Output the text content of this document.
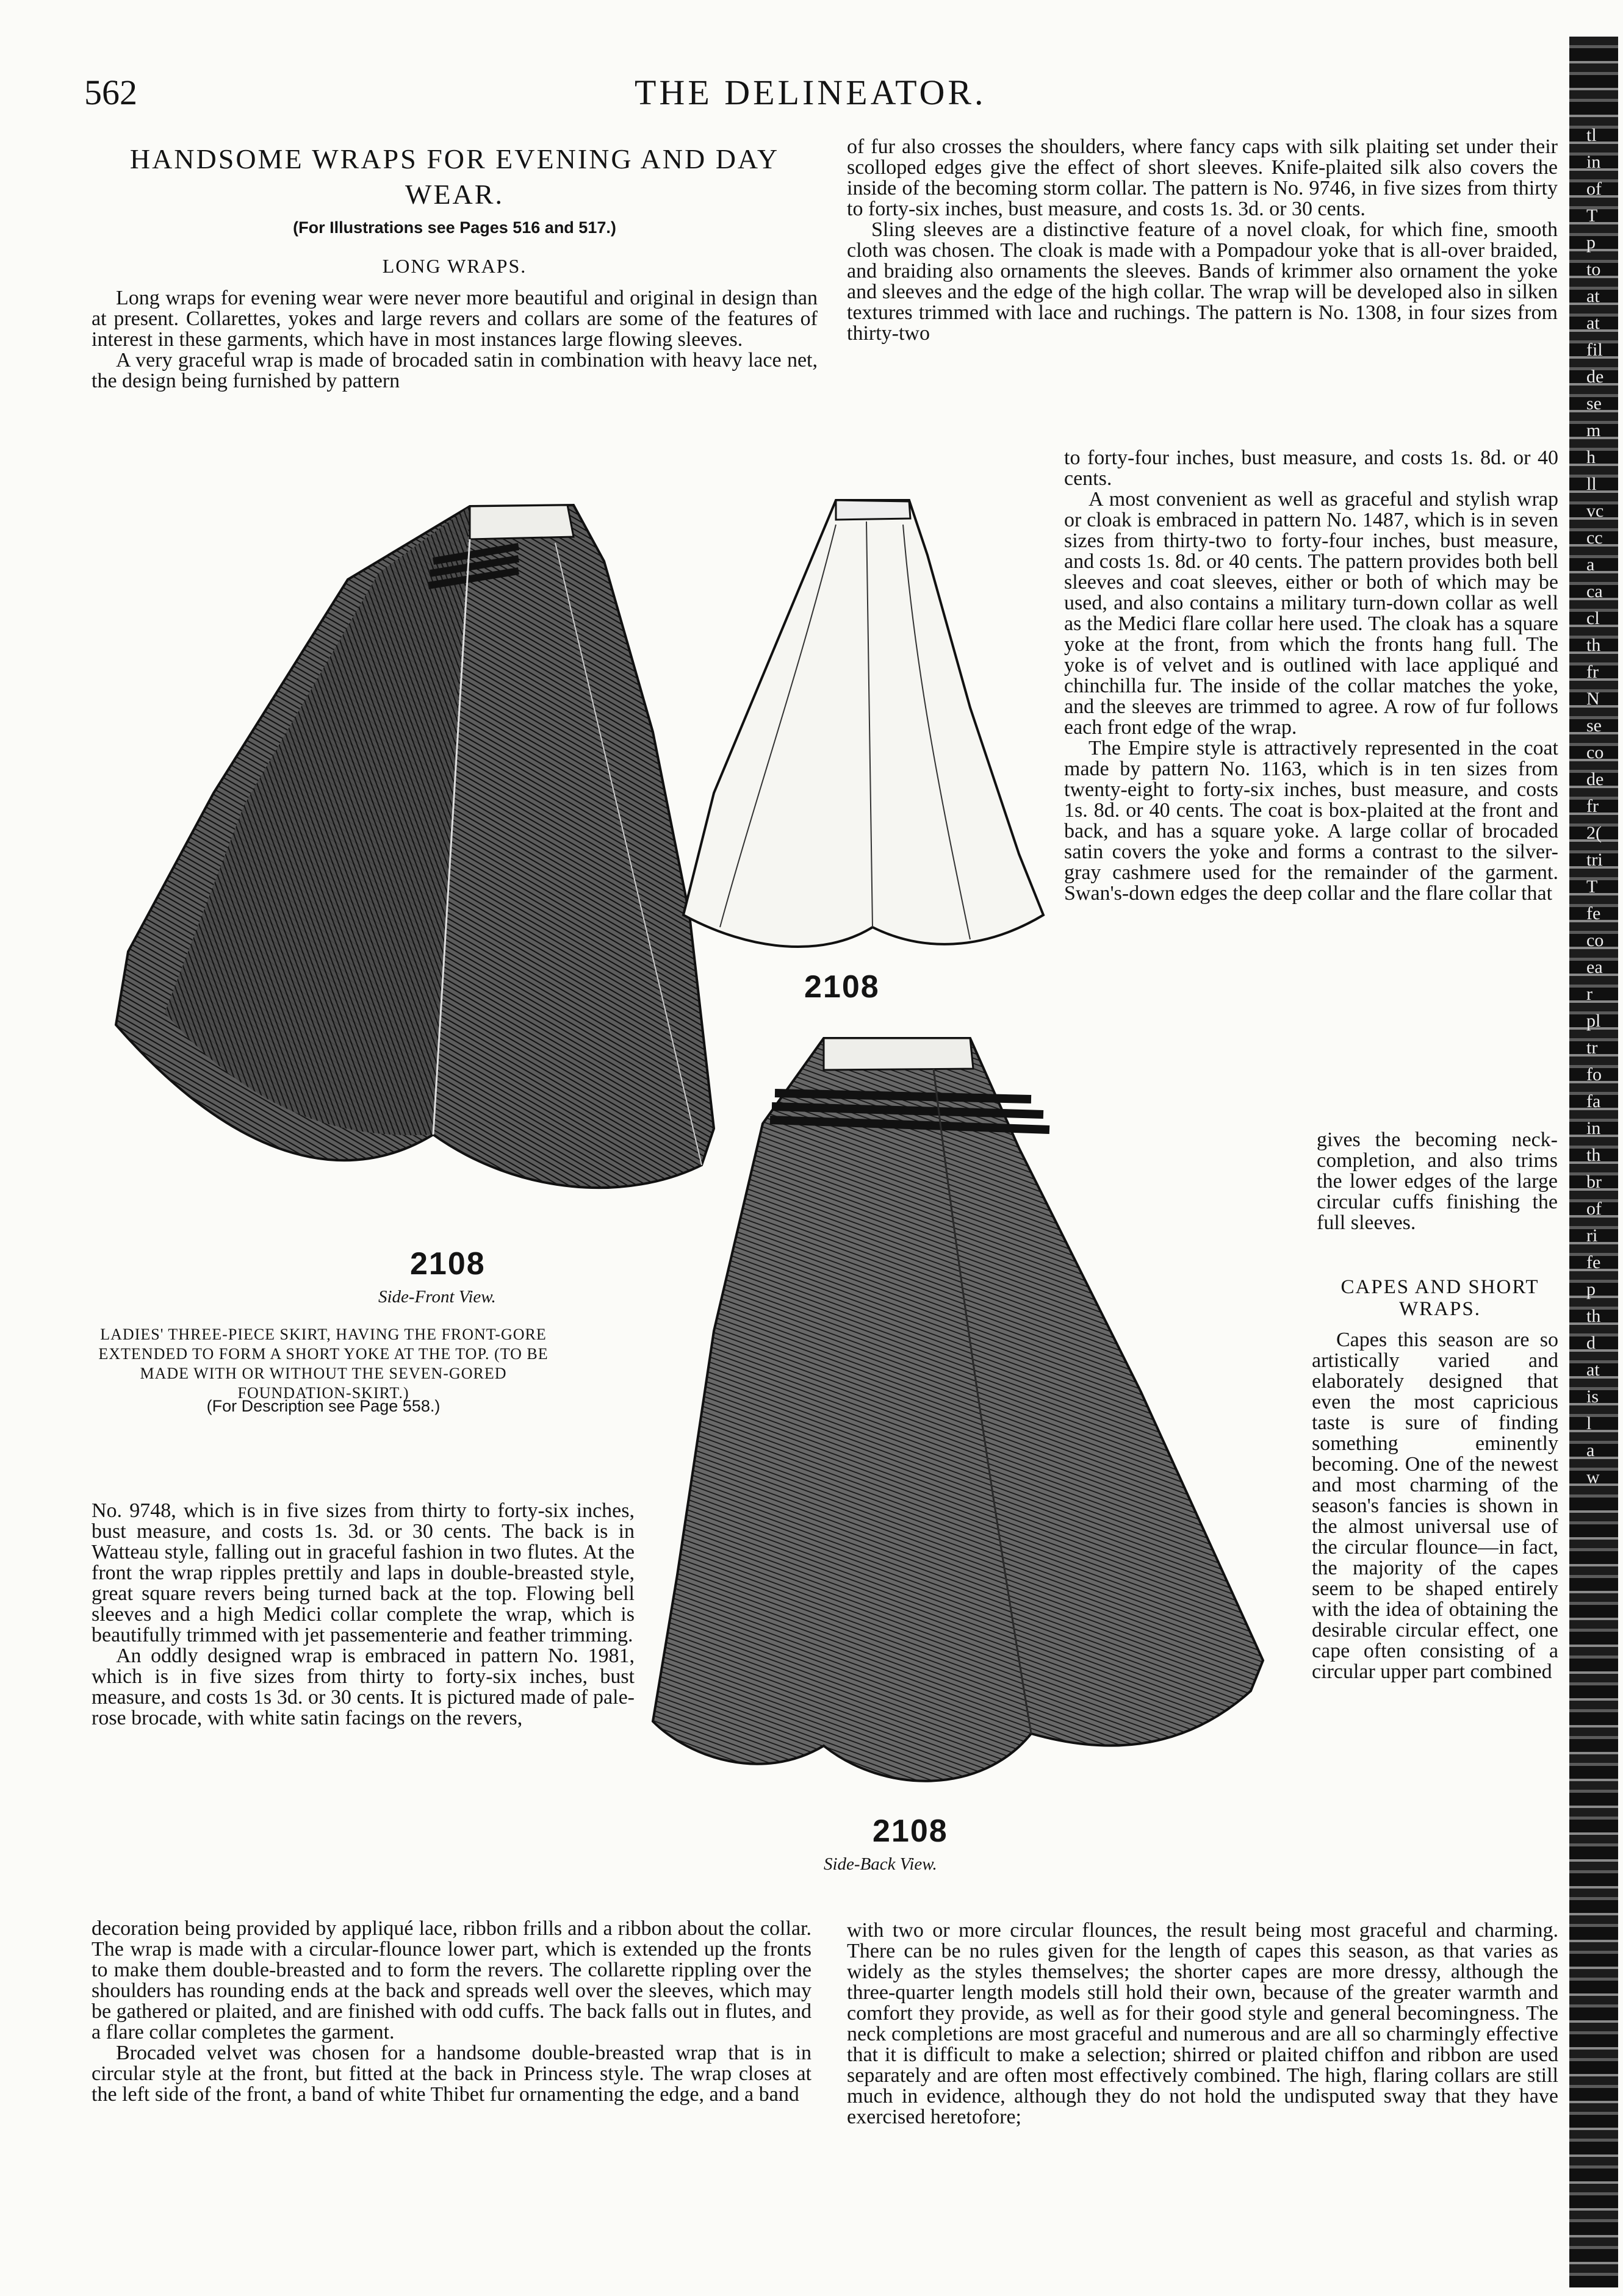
562	THE DELINEATOR.
HANDSOME WRAPS FOR EVENING AND DAY WEAR.
(For Illustrations see Pages 516 and 517.)
LONG WRAPS.

Long wraps for evening wear were never more beautiful and original in design than at present. Collarettes, yokes and large revers and collars are some of the features of interest in these garments, which have in most instances large flowing sleeves.

A very graceful wrap is made of brocaded satin in combination with heavy lace net, the design being furnished by pattern

of fur also crosses the shoulders, where fancy caps with silk plaiting set under their scolloped edges give the effect of short sleeves. Knife-plaited silk also covers the inside of the becoming storm collar. The pattern is No. 9746, in five sizes from thirty to forty-six inches, bust measure, and costs 1s. 3d. or 30 cents.

Sling sleeves are a distinctive feature of a novel cloak, for which fine, smooth cloth was chosen. The cloak is made with a Pompadour yoke that is all-over braided, and braiding also ornaments the sleeves. Bands of krimmer also ornament the yoke and sleeves and the edge of the high collar. The wrap will be developed also in silken textures trimmed with lace and ruchings. The pattern is No. 1308, in four sizes from thirty-two

to forty-four inches, bust measure, and costs 1s. 8d. or 40 cents.

A most convenient as well as graceful and stylish wrap or cloak is embraced in pattern No. 1487, which is in seven sizes from thirty-two to forty-four inches, bust measure, and costs 1s. 8d. or 40 cents. The pattern provides both bell sleeves and coat sleeves, either or both of which may be used, and also contains a military turn-down collar as well as the Medici flare collar here used. The cloak has a square yoke at the front, from which the fronts hang full. The yoke is of velvet and is outlined with lace appliqué and chinchilla fur. The inside of the collar matches the yoke, and the sleeves are trimmed to agree. A row of fur follows each front edge of the wrap.

The Empire style is attractively represented in the coat made by pattern No. 1163, which is in ten sizes from twenty-eight to forty-six inches, bust measure, and costs 1s. 8d. or 40 cents. The coat is box-plaited at the front and back, and has a square yoke. A large collar of brocaded satin covers the yoke and forms a contrast to the silver-gray cashmere used for the remainder of the garment. Swan's-down edges the deep collar and the flare collar that

gives the becoming neck-completion, and also trims the lower edges of the large circular cuffs finishing the full sleeves.

CAPES AND SHORT WRAPS.

Capes this season are so artistically varied and elaborately designed that even the most capricious taste is sure of finding something eminently becoming. One of the newest and most charming of the season's fancies is shown in the almost universal use of the circular flounce—in fact, the majority of the capes seem to be shaped entirely with the idea of obtaining the desirable circular effect, one cape often consisting of a circular upper part combined

2108
Side-Front View.
LADIES' THREE-PIECE SKIRT, HAVING THE FRONT-GORE EXTENDED TO FORM A SHORT YOKE AT THE TOP. (TO BE MADE WITH OR WITHOUT THE SEVEN-GORED FOUNDATION-SKIRT.)
(For Description see Page 558.)
2108
2108
Side-Back View.

No. 9748, which is in five sizes from thirty to forty-six inches, bust measure, and costs 1s. 3d. or 30 cents. The back is in Watteau style, falling out in graceful fashion in two flutes. At the front the wrap ripples prettily and laps in double-breasted style, great square revers being turned back at the top. Flowing bell sleeves and a high Medici collar complete the wrap, which is beautifully trimmed with jet passementerie and feather trimming.

An oddly designed wrap is embraced in pattern No. 1981, which is in five sizes from thirty to forty-six inches, bust measure, and costs 1s 3d. or 30 cents. It is pictured made of pale-rose brocade, with white satin facings on the revers,

decoration being provided by appliqué lace, ribbon frills and a ribbon about the collar. The wrap is made with a circular-flounce lower part, which is extended up the fronts to make them double-breasted and to form the revers. The collarette rippling over the shoulders has rounding ends at the back and spreads well over the sleeves, which may be gathered or plaited, and are finished with odd cuffs. The back falls out in flutes, and a flare collar completes the garment.

Brocaded velvet was chosen for a handsome double-breasted wrap that is in circular style at the front, but fitted at the back in Princess style. The wrap closes at the left side of the front, a band of white Thibet fur ornamenting the edge, and a band

with two or more circular flounces, the result being most graceful and charming. There can be no rules given for the length of capes this season, as that varies as widely as the styles themselves; the shorter capes are more dressy, although the three-quarter length models still hold their own, because of the greater warmth and comfort they provide, as well as for their good style and general becomingness. The neck completions are most graceful and numerous and are all so charmingly effective that it is difficult to make a selection; shirred or plaited chiffon and ribbon are used separately and are often most effectively combined. The high, flaring collars are still much in evidence, although they do not hold the undisputed sway that they have exercised heretofore;

tl
in
of
T
p
to
at
at
fil
de
se
m
h
ll
vc
cc
a
ca
cl
th
fr
N
se
co
de
fr
2(
tri
T
fe
co
ea
r
pl
tr
fo
fa
in
th
br
of
ri
fe
p
th
d
at
is
l
a
w
